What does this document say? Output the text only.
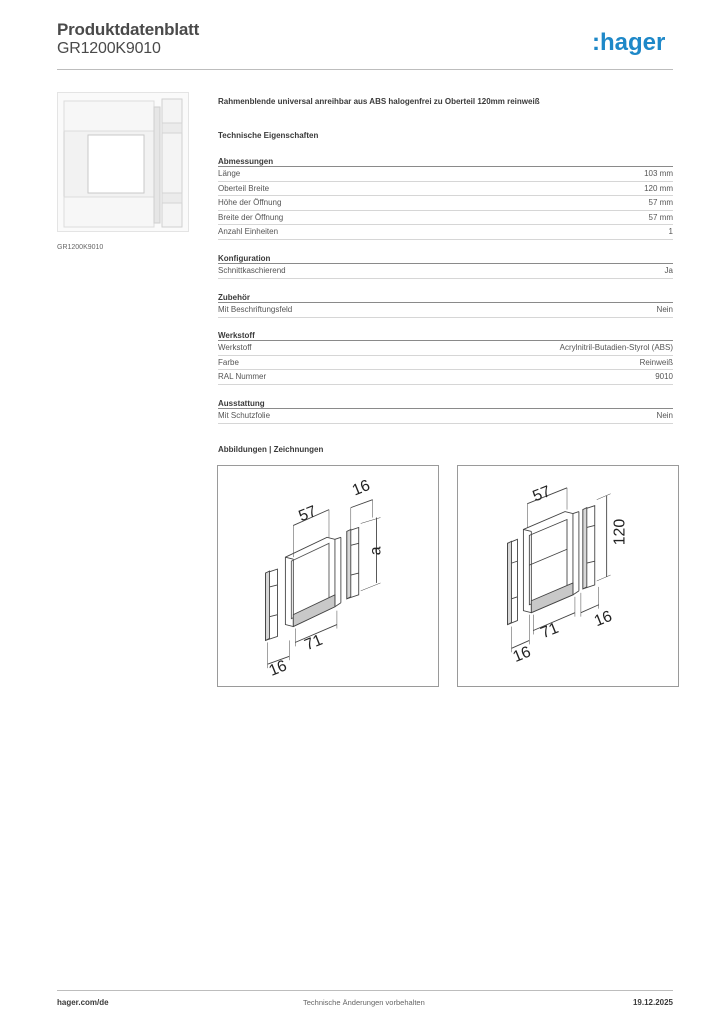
Produktdatenblatt
GR1200K9010	:hager
GR1200K9010
Rahmenblende universal anreihbar aus ABS halogenfrei zu Oberteil 120mm reinweiß
Technische Eigenschaften
Abmessungen
Länge	103 mm
Oberteil Breite	120 mm
Höhe der Öffnung	57 mm
Breite der Öffnung	57 mm
Anzahl Einheiten	1
Konfiguration
Schnittkaschierend	Ja
Zubehör
Mit Beschriftungsfeld	Nein
Werkstoff
Werkstoff	Acrylnitril-Butadien-Styrol (ABS)
Farbe	Reinweiß
RAL Nummer	9010
Ausstattung
Mit Schutzfolie	Nein
Abbildungen | Zeichnungen
57
16
a
71
16
57
120
71
16
16
hager.com/de	Technische Änderungen vorbehalten	19.12.2025
